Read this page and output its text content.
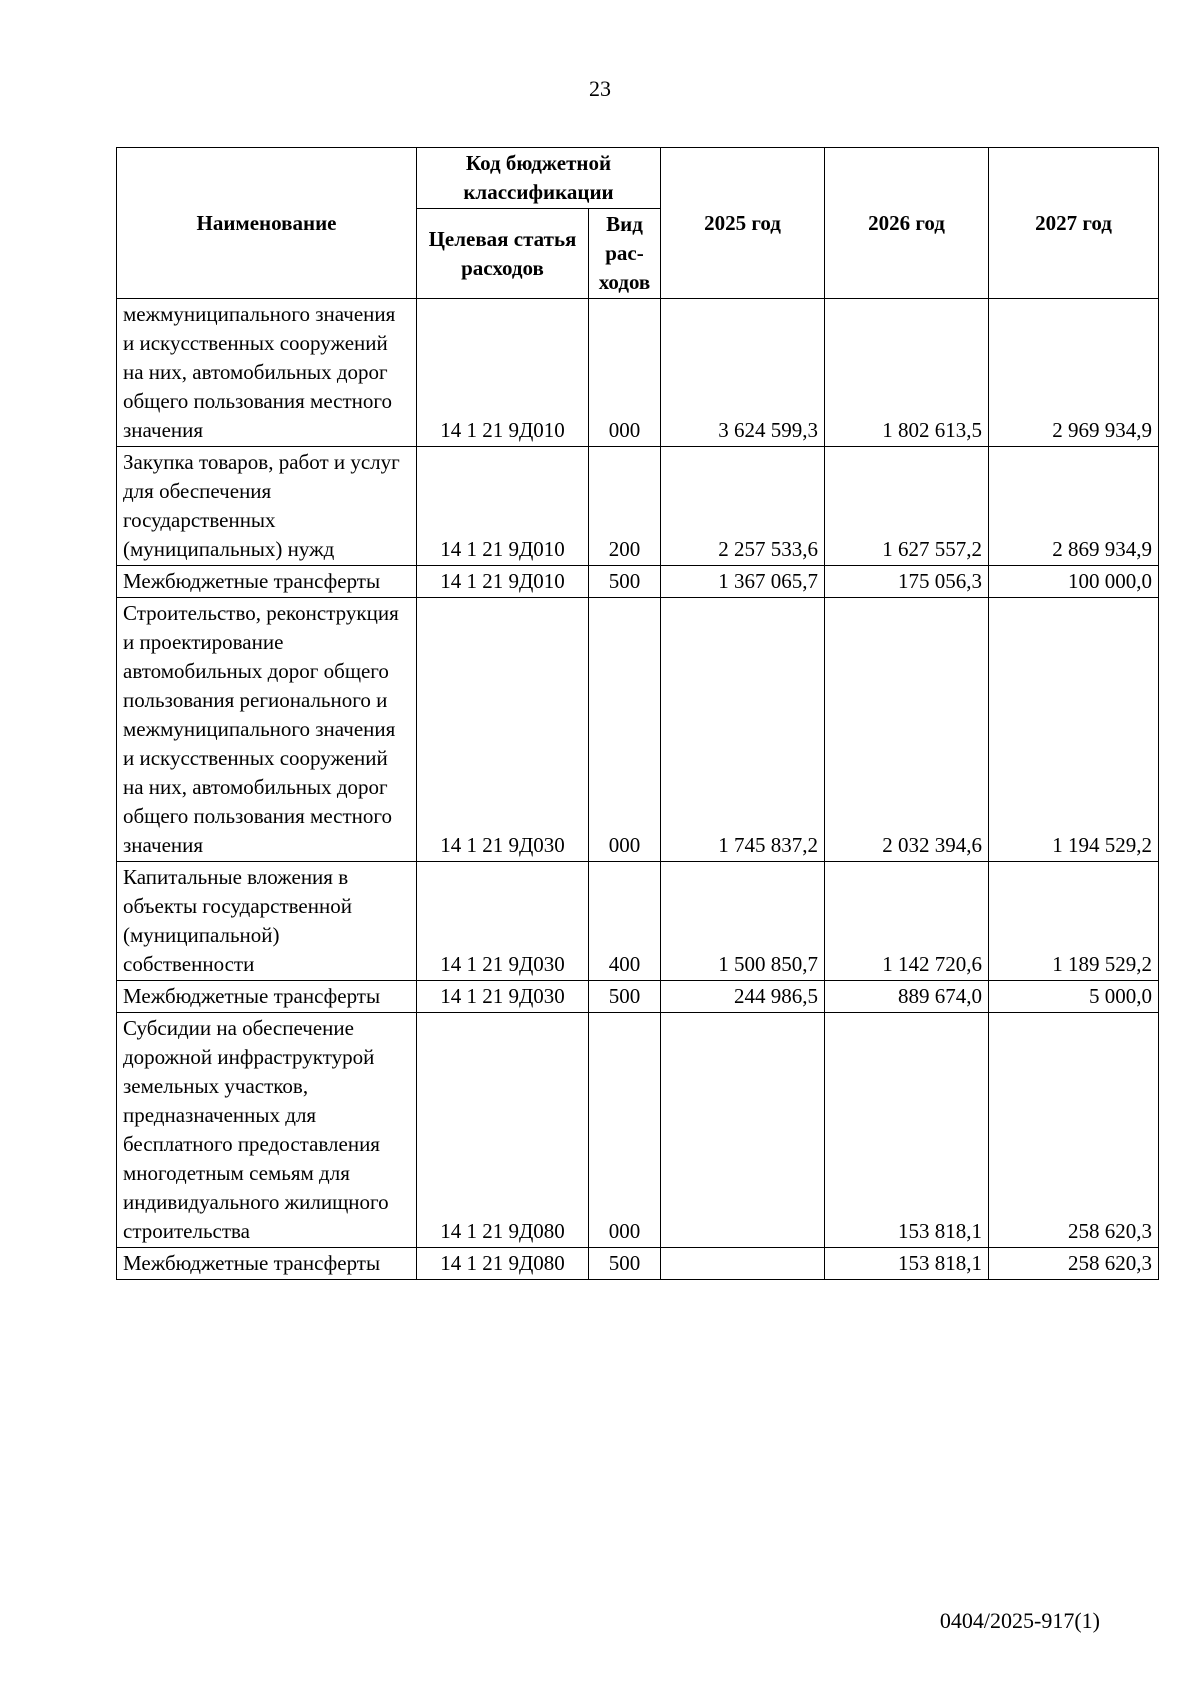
23
Наименование	Код бюджетной классификации		2025 год	2026 год	2027 год
	Целевая статья расходов	Вид рас-ходов			
межмуниципального значения и искусственных сооружений на них, автомобильных дорог общего пользования местного значения	14 1 21 9Д010	000	3 624 599,3	1 802 613,5	2 969 934,9
Закупка товаров, работ и услуг для обеспечения государственных (муниципальных) нужд	14 1 21 9Д010	200	2 257 533,6	1 627 557,2	2 869 934,9
Межбюджетные трансферты	14 1 21 9Д010	500	1 367 065,7	175 056,3	100 000,0
Строительство, реконструкция и проектирование автомобильных дорог общего пользования регионального и межмуниципального значения и искусственных сооружений на них, автомобильных дорог общего пользования местного значения	14 1 21 9Д030	000	1 745 837,2	2 032 394,6	1 194 529,2
Капитальные вложения в объекты государственной (муниципальной) собственности	14 1 21 9Д030	400	1 500 850,7	1 142 720,6	1 189 529,2
Межбюджетные трансферты	14 1 21 9Д030	500	244 986,5	889 674,0	5 000,0
Субсидии на обеспечение дорожной инфраструктурой земельных участков, предназначенных для бесплатного предоставления многодетным семьям для индивидуального жилищного строительства	14 1 21 9Д080	000		153 818,1	258 620,3
Межбюджетные трансферты	14 1 21 9Д080	500		153 818,1	258 620,3
0404/2025-917(1)
